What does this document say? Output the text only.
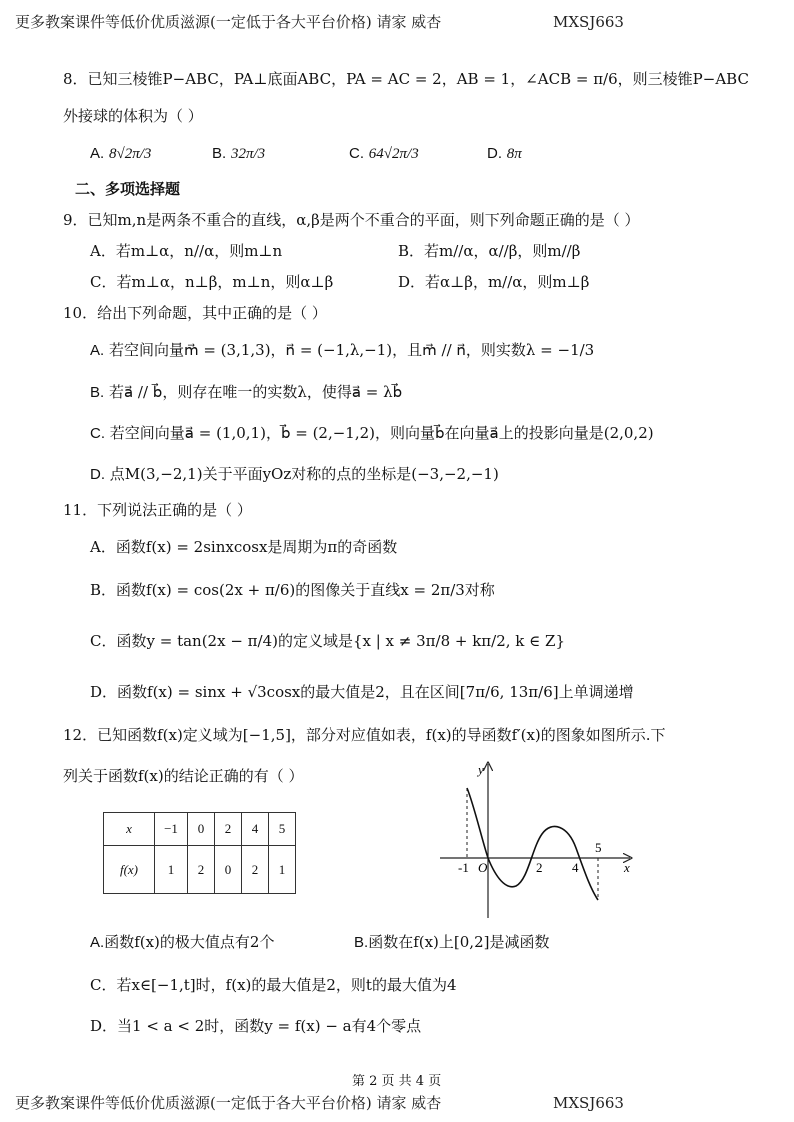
更多教案课件等低价优质滋源(一定低于各大平台价格) 请家 威杏	MXSJ663
8．已知三棱锥P−ABC，PA⊥底面ABC，PA = AC = 2，AB = 1，∠ACB = π/6，则三棱锥P−ABC
外接球的体积为（ ）
A. 8√2π/3	B. 32π/3	C. 64√2π/3	D. 8π
二、多项选择题
9．已知m,n是两条不重合的直线，α,β是两个不重合的平面，则下列命题正确的是（ ）
A．若m⊥α，n//α，则m⊥n	B．若m//α，α//β，则m//β
C．若m⊥α，n⊥β，m⊥n，则α⊥β	D．若α⊥β，m//α，则m⊥β
10．给出下列命题，其中正确的是（ ）
A. 若空间向量m⃗ = (3,1,3)，n⃗ = (−1,λ,−1)，且m⃗ // n⃗，则实数λ = −1/3
B. 若a⃗ // b⃗，则存在唯一的实数λ，使得a⃗ = λb⃗
C. 若空间向量a⃗ = (1,0,1)，b⃗ = (2,−1,2)，则向量b⃗在向量a⃗上的投影向量是(2,0,2)
D. 点M(3,−2,1)关于平面yOz对称的点的坐标是(−3,−2,−1)
11．下列说法正确的是（ ）
A．函数f(x) = 2sinxcosx是周期为π的奇函数
B．函数f(x) = cos(2x + π/6)的图像关于直线x = 2π/3对称
C．函数y = tan(2x − π/4)的定义域是{x | x ≠ 3π/8 + kπ/2, k ∈ Z}
D．函数f(x) = sinx + √3cosx的最大值是2，且在区间[7π/6, 13π/6]上单调递增
12．已知函数f(x)定义域为[−1,5]，部分对应值如表，f(x)的导函数f′(x)的图象如图所示.下
列关于函数f(x)的结论正确的有（ ）
x	−1	0	2	4	5
f(x)	1	2	0	2	1
y
x
O
-1	2 4
5
A.函数f(x)的极大值点有2个	B.函数在f(x)上[0,2]是减函数
C．若x∈[−1,t]时，f(x)的最大值是2，则t的最大值为4
D．当1 < a < 2时，函数y = f(x) − a有4个零点
第 2 页 共 4 页
更多教案课件等低价优质滋源(一定低于各大平台价格) 请家 威杏	MXSJ663
